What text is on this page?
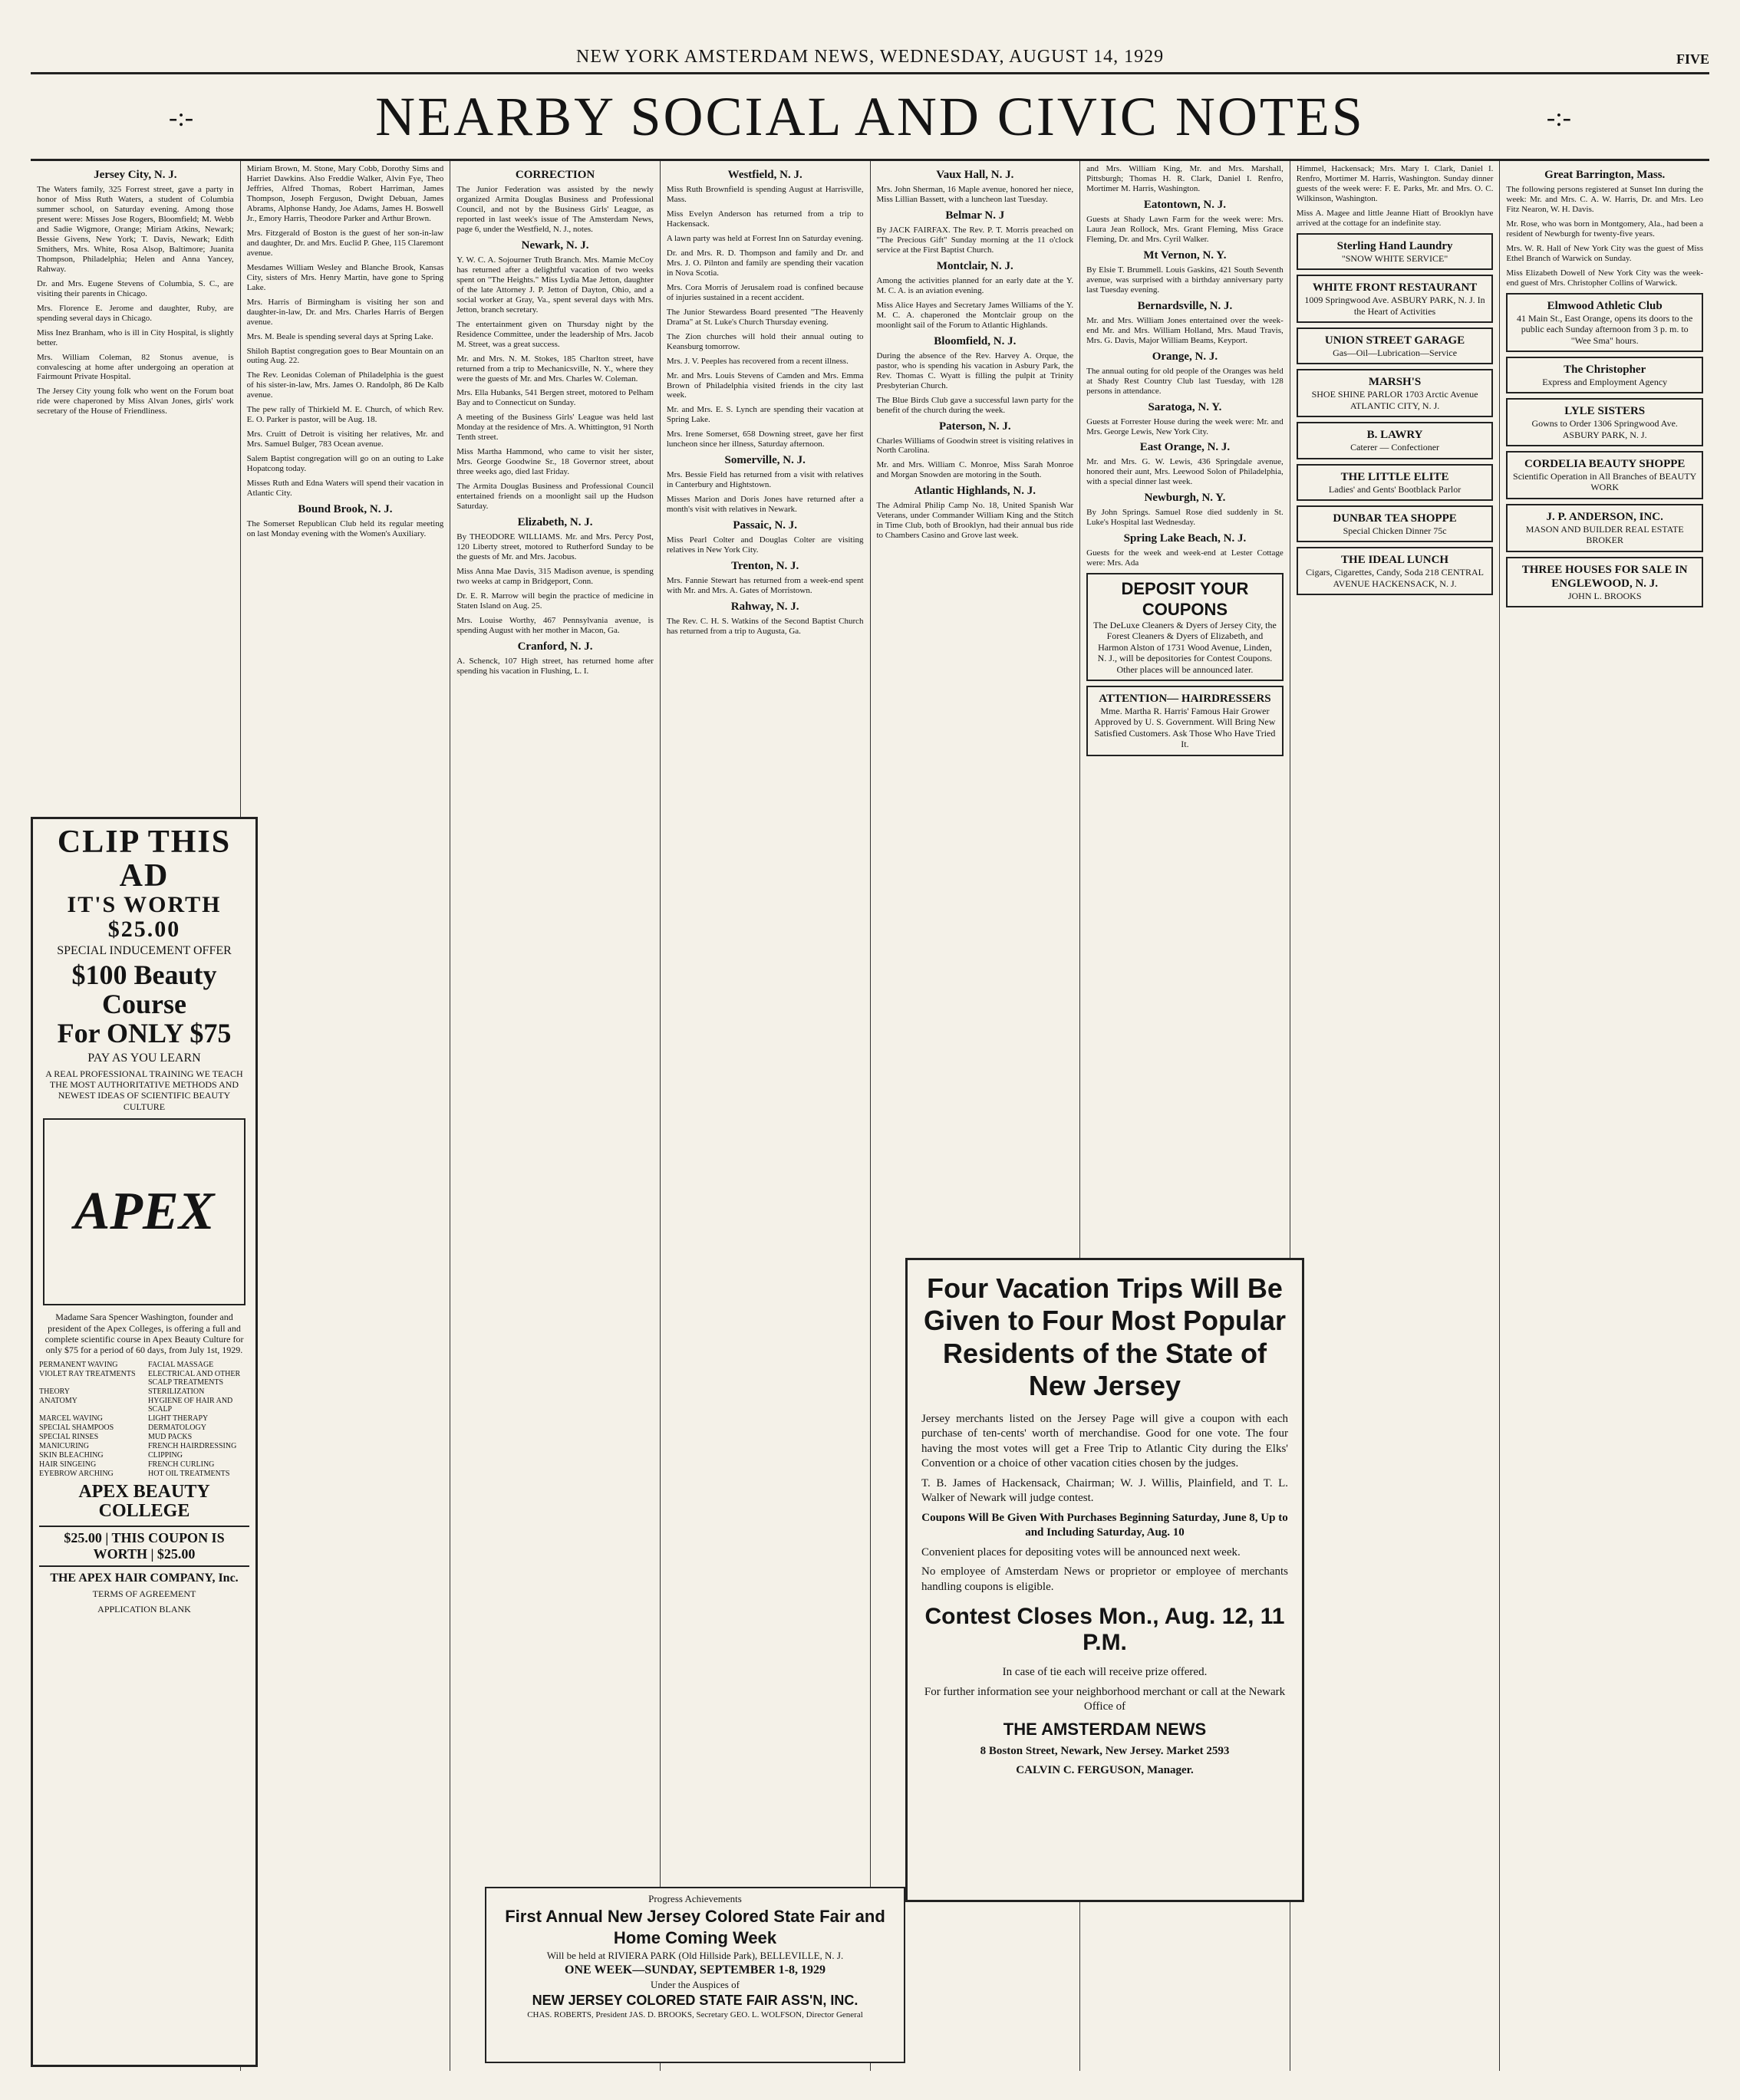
NEW YORK AMSTERDAM NEWS, WEDNESDAY, AUGUST 14, 1929	FIVE
-:-	NEARBY SOCIAL AND CIVIC NOTES	-:-
Jersey City, N. J.

The Waters family, 325 Forrest street, gave a party in honor of Miss Ruth Waters, a student of Columbia summer school, on Saturday evening. Among those present were: Misses Jose Rogers, Bloomfield; M. Webb and Sadie Wigmore, Orange; Miriam Atkins, Newark; Bessie Givens, New York; T. Davis, Newark; Edith Smithers, Mrs. White, Rosa Alsop, Baltimore; Juanita Thompson, Philadelphia; Helen and Anna Yancey, Rahway.

Dr. and Mrs. Eugene Stevens of Columbia, S. C., are visiting their parents in Chicago.

Mrs. Florence E. Jerome and daughter, Ruby, are spending several days in Chicago.

Miss Inez Branham, who is ill in City Hospital, is slightly better.

Mrs. William Coleman, 82 Stonus avenue, is convalescing at home after undergoing an operation at Fairmount Private Hospital.

The Jersey City young folk who went on the Forum boat ride were chaperoned by Miss Alvan Jones, girls' work secretary of the House of Friendliness.

Miriam Brown, M. Stone, Mary Cobb, Dorothy Sims and Harriet Dawkins. Also Freddie Walker, Alvin Fye, Theo Jeffries, Alfred Thomas, Robert Harriman, James Thompson, Joseph Ferguson, Dwight Debuan, James Abrams, Alphonse Handy, Joe Adams, James H. Boswell Jr., Emory Harris, Theodore Parker and Arthur Brown.

Mrs. Fitzgerald of Boston is the guest of her son-in-law and daughter, Dr. and Mrs. Euclid P. Ghee, 115 Claremont avenue.

Mesdames William Wesley and Blanche Brook, Kansas City, sisters of Mrs. Henry Martin, have gone to Spring Lake.

Mrs. Harris of Birmingham is visiting her son and daughter-in-law, Dr. and Mrs. Charles Harris of Bergen avenue.

Mrs. M. Beale is spending several days at Spring Lake.

Shiloh Baptist congregation goes to Bear Mountain on an outing Aug. 22.

The Rev. Leonidas Coleman of Philadelphia is the guest of his sister-in-law, Mrs. James O. Randolph, 86 De Kalb avenue.

The pew rally of Thirkield M. E. Church, of which Rev. E. O. Parker is pastor, will be Aug. 18.

Mrs. Cruitt of Detroit is visiting her relatives, Mr. and Mrs. Samuel Bulger, 783 Ocean avenue.

Salem Baptist congregation will go on an outing to Lake Hopatcong today.

Misses Ruth and Edna Waters will spend their vacation in Atlantic City.

Bound Brook, N. J.

The Somerset Republican Club held its regular meeting on last Monday evening with the Women's Auxiliary.

CORRECTION

The Junior Federation was assisted by the newly organized Armita Douglas Business and Professional Council, and not by the Business Girls' League, as reported in last week's issue of The Amsterdam News, page 6, under the Westfield, N. J., notes.

Newark, N. J.

Y. W. C. A. Sojourner Truth Branch. Mrs. Mamie McCoy has returned after a delightful vacation of two weeks spent on "The Heights." Miss Lydia Mae Jetton, daughter of the late Attorney J. P. Jetton of Dayton, Ohio, and a social worker at Gray, Va., spent several days with Mrs. Jetton, branch secretary.

The entertainment given on Thursday night by the Residence Committee, under the leadership of Mrs. Jacob M. Street, was a great success.

Mr. and Mrs. N. M. Stokes, 185 Charlton street, have returned from a trip to Mechanicsville, N. Y., where they were the guests of Mr. and Mrs. Charles W. Coleman.

Mrs. Ella Hubanks, 541 Bergen street, motored to Pelham Bay and to Connecticut on Sunday.

A meeting of the Business Girls' League was held last Monday at the residence of Mrs. A. Whittington, 91 North Tenth street.

Miss Martha Hammond, who came to visit her sister, Mrs. George Goodwine Sr., 18 Governor street, about three weeks ago, died last Friday.

The Armita Douglas Business and Professional Council entertained friends on a moonlight sail up the Hudson Saturday.

Elizabeth, N. J.

By THEODORE WILLIAMS. Mr. and Mrs. Percy Post, 120 Liberty street, motored to Rutherford Sunday to be the guests of Mr. and Mrs. Jacobus.

Miss Anna Mae Davis, 315 Madison avenue, is spending two weeks at camp in Bridgeport, Conn.

Dr. E. R. Marrow will begin the practice of medicine in Staten Island on Aug. 25.

Mrs. Louise Worthy, 467 Pennsylvania avenue, is spending August with her mother in Macon, Ga.

Cranford, N. J.

A. Schenck, 107 High street, has returned home after spending his vacation in Flushing, L. I.

Westfield, N. J.

Miss Ruth Brownfield is spending August at Harrisville, Mass.

Miss Evelyn Anderson has returned from a trip to Hackensack.

A lawn party was held at Forrest Inn on Saturday evening.

Dr. and Mrs. R. D. Thompson and family and Dr. and Mrs. J. O. Pilnton and family are spending their vacation in Nova Scotia.

Mrs. Cora Morris of Jerusalem road is confined because of injuries sustained in a recent accident.

The Junior Stewardess Board presented "The Heavenly Drama" at St. Luke's Church Thursday evening.

The Zion churches will hold their annual outing to Keansburg tomorrow.

Mrs. J. V. Peeples has recovered from a recent illness.

Mr. and Mrs. Louis Stevens of Camden and Mrs. Emma Brown of Philadelphia visited friends in the city last week.

Mr. and Mrs. E. S. Lynch are spending their vacation at Spring Lake.

Mrs. Irene Somerset, 658 Downing street, gave her first luncheon since her illness, Saturday afternoon.

Somerville, N. J.

Mrs. Bessie Field has returned from a visit with relatives in Canterbury and Hightstown.

Misses Marion and Doris Jones have returned after a month's visit with relatives in Newark.

Passaic, N. J.

Miss Pearl Colter and Douglas Colter are visiting relatives in New York City.

Trenton, N. J.

Mrs. Fannie Stewart has returned from a week-end spent with Mr. and Mrs. A. Gates of Morristown.

Rahway, N. J.

The Rev. C. H. S. Watkins of the Second Baptist Church has returned from a trip to Augusta, Ga.

Vaux Hall, N. J.

Mrs. John Sherman, 16 Maple avenue, honored her niece, Miss Lillian Bassett, with a luncheon last Tuesday.

Belmar N. J

By JACK FAIRFAX. The Rev. P. T. Morris preached on "The Precious Gift" Sunday morning at the 11 o'clock service at the First Baptist Church.

Montclair, N. J.

Among the activities planned for an early date at the Y. M. C. A. is an aviation evening.

Miss Alice Hayes and Secretary James Williams of the Y. M. C. A. chaperoned the Montclair group on the moonlight sail of the Forum to Atlantic Highlands.

Bloomfield, N. J.

During the absence of the Rev. Harvey A. Orque, the pastor, who is spending his vacation in Asbury Park, the Rev. Thomas C. Wyatt is filling the pulpit at Trinity Presbyterian Church.

The Blue Birds Club gave a successful lawn party for the benefit of the church during the week.

Paterson, N. J.

Charles Williams of Goodwin street is visiting relatives in North Carolina.

Mr. and Mrs. William C. Monroe, Miss Sarah Monroe and Morgan Snowden are motoring in the South.

Atlantic Highlands, N. J.

The Admiral Philip Camp No. 18, United Spanish War Veterans, under Commander William King and the Stitch in Time Club, both of Brooklyn, had their annual bus ride to Chambers Casino and Grove last week.

and Mrs. William King, Mr. and Mrs. Marshall, Pittsburgh; Thomas H. R. Clark, Daniel I. Renfro, Mortimer M. Harris, Washington.

Eatontown, N. J.

Guests at Shady Lawn Farm for the week were: Mrs. Laura Jean Rollock, Mrs. Grant Fleming, Miss Grace Fleming, Dr. and Mrs. Cyril Walker.

Mt Vernon, N. Y.

By Elsie T. Brummell. Louis Gaskins, 421 South Seventh avenue, was surprised with a birthday anniversary party last Tuesday evening.

Bernardsville, N. J.

Mr. and Mrs. William Jones entertained over the week-end Mr. and Mrs. William Holland, Mrs. Maud Travis, Mrs. G. Davis, Major William Beams, Keyport.

Orange, N. J.

The annual outing for old people of the Oranges was held at Shady Rest Country Club last Tuesday, with 128 persons in attendance.

Saratoga, N. Y.

Guests at Forrester House during the week were: Mr. and Mrs. George Lewis, New York City.

East Orange, N. J.

Mr. and Mrs. G. W. Lewis, 436 Springdale avenue, honored their aunt, Mrs. Leewood Solon of Philadelphia, with a special dinner last week.

Newburgh, N. Y.

By John Springs. Samuel Rose died suddenly in St. Luke's Hospital last Wednesday.

Spring Lake Beach, N. J.

Guests for the week and week-end at Lester Cottage were: Mrs. Ada

DEPOSIT YOUR COUPONS
The DeLuxe Cleaners & Dyers of Jersey City, the Forest Cleaners & Dyers of Elizabeth, and Harmon Alston of 1731 Wood Avenue, Linden, N. J., will be depositories for Contest Coupons. Other places will be announced later.
ATTENTION— HAIRDRESSERS
Mme. Martha R. Harris' Famous Hair Grower Approved by U. S. Government. Will Bring New Satisfied Customers. Ask Those Who Have Tried It.

Himmel, Hackensack; Mrs. Mary I. Clark, Daniel I. Renfro, Mortimer M. Harris, Washington. Sunday dinner guests of the week were: F. E. Parks, Mr. and Mrs. O. C. Wilkinson, Washington.

Miss A. Magee and little Jeanne Hiatt of Brooklyn have arrived at the cottage for an indefinite stay.

Sterling Hand Laundry
"SNOW WHITE SERVICE"
WHITE FRONT RESTAURANT
1009 Springwood Ave. ASBURY PARK, N. J. In the Heart of Activities
UNION STREET GARAGE
Gas—Oil—Lubrication—Service
MARSH'S
SHOE SHINE PARLOR 1703 Arctic Avenue ATLANTIC CITY, N. J.
B. LAWRY
Caterer — Confectioner
THE LITTLE ELITE
Ladies' and Gents' Bootblack Parlor
DUNBAR TEA SHOPPE
Special Chicken Dinner 75c
THE IDEAL LUNCH
Cigars, Cigarettes, Candy, Soda 218 CENTRAL AVENUE HACKENSACK, N. J.
Great Barrington, Mass.

The following persons registered at Sunset Inn during the week: Mr. and Mrs. C. A. W. Harris, Dr. and Mrs. Leo Fitz Nearon, W. H. Davis.

Mr. Rose, who was born in Montgomery, Ala., had been a resident of Newburgh for twenty-five years.

Mrs. W. R. Hall of New York City was the guest of Miss Ethel Branch of Warwick on Sunday.

Miss Elizabeth Dowell of New York City was the week-end guest of Mrs. Christopher Collins of Warwick.

Elmwood Athletic Club
41 Main St., East Orange, opens its doors to the public each Sunday afternoon from 3 p. m. to "Wee Sma" hours.
The Christopher
Express and Employment Agency
LYLE SISTERS
Gowns to Order 1306 Springwood Ave. ASBURY PARK, N. J.
CORDELIA BEAUTY SHOPPE
Scientific Operation in All Branches of BEAUTY WORK
J. P. ANDERSON, INC.
MASON AND BUILDER REAL ESTATE BROKER
THREE HOUSES FOR SALE IN ENGLEWOOD, N. J.
JOHN L. BROOKS
CLIP THIS AD
IT'S WORTH $25.00
SPECIAL INDUCEMENT OFFER
$100 Beauty Course
For ONLY $75
PAY AS YOU LEARN
A REAL PROFESSIONAL TRAINING WE TEACH THE MOST AUTHORITATIVE METHODS AND NEWEST IDEAS OF SCIENTIFIC BEAUTY CULTURE
APEX
Madame Sara Spencer Washington, founder and president of the Apex Colleges, is offering a full and complete scientific course in Apex Beauty Culture for only $75 for a period of 60 days, from July 1st, 1929.
PERMANENT WAVING	FACIAL MASSAGE
VIOLET RAY TREATMENTS	ELECTRICAL AND OTHER SCALP TREATMENTS
THEORY	STERILIZATION
ANATOMY	HYGIENE OF HAIR AND SCALP
MARCEL WAVING	LIGHT THERAPY
SPECIAL SHAMPOOS	DERMATOLOGY
SPECIAL RINSES	MUD PACKS
MANICURING	FRENCH HAIRDRESSING
SKIN BLEACHING	CLIPPING
HAIR SINGEING	FRENCH CURLING
EYEBROW ARCHING	HOT OIL TREATMENTS
APEX BEAUTY COLLEGE
$25.00 | THIS COUPON IS WORTH | $25.00
THE APEX HAIR COMPANY, Inc.
TERMS OF AGREEMENT
APPLICATION BLANK
Four Vacation Trips Will Be Given to Four Most Popular Residents of the State of New Jersey

Jersey merchants listed on the Jersey Page will give a coupon with each purchase of ten-cents' worth of merchandise. Good for one vote. The four having the most votes will get a Free Trip to Atlantic City during the Elks' Convention or a choice of other vacation cities chosen by the judges.

T. B. James of Hackensack, Chairman; W. J. Willis, Plainfield, and T. L. Walker of Newark will judge contest.

Coupons Will Be Given With Purchases Beginning Saturday, June 8, Up to and Including Saturday, Aug. 10

Convenient places for depositing votes will be announced next week.

No employee of Amsterdam News or proprietor or employee of merchants handling coupons is eligible.

Contest Closes Mon., Aug. 12, 11 P.M.

In case of tie each will receive prize offered.

For further information see your neighborhood merchant or call at the Newark Office of

THE AMSTERDAM NEWS

8 Boston Street, Newark, New Jersey. Market 2593

CALVIN C. FERGUSON, Manager.

Progress Achievements
First Annual New Jersey Colored State Fair and Home Coming Week
Will be held at RIVIERA PARK (Old Hillside Park), BELLEVILLE, N. J.
ONE WEEK—SUNDAY, SEPTEMBER 1-8, 1929
Under the Auspices of
NEW JERSEY COLORED STATE FAIR ASS'N, INC.
CHAS. ROBERTS, President JAS. D. BROOKS, Secretary GEO. L. WOLFSON, Director General
